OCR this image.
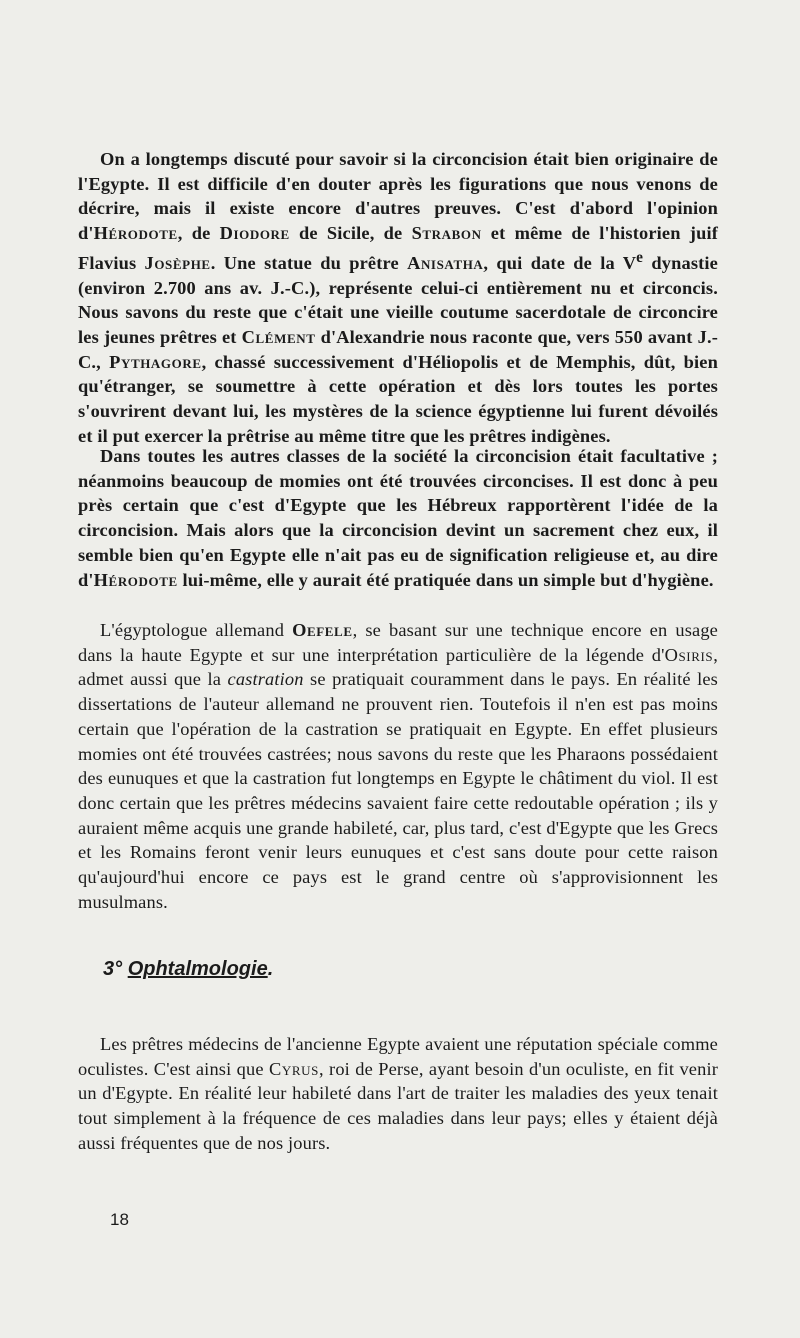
On a longtemps discuté pour savoir si la circoncision était bien originaire de l'Egypte. Il est difficile d'en douter après les figurations que nous venons de décrire, mais il existe encore d'autres preuves. C'est d'abord l'opinion d'Hérodote, de Diodore de Sicile, de Strabon et même de l'historien juif Flavius Josèphe. Une statue du prêtre Anisatha, qui date de la Ve dynastie (environ 2.700 ans av. J.-C.), représente celui-ci entièrement nu et circoncis. Nous savons du reste que c'était une vieille coutume sacerdotale de circoncire les jeunes prêtres et Clément d'Alexandrie nous raconte que, vers 550 avant J.-C., Pythagore, chassé successivement d'Héliopolis et de Memphis, dût, bien qu'étranger, se soumettre à cette opération et dès lors toutes les portes s'ouvrirent devant lui, les mystères de la science égyptienne lui furent dévoilés et il put exercer la prêtrise au même titre que les prêtres indigènes.

Dans toutes les autres classes de la société la circoncision était facultative ; néanmoins beaucoup de momies ont été trouvées circoncises. Il est donc à peu près certain que c'est d'Egypte que les Hébreux rapportèrent l'idée de la circoncision. Mais alors que la circoncision devint un sacrement chez eux, il semble bien qu'en Egypte elle n'ait pas eu de signification religieuse et, au dire d'Hérodote lui-même, elle y aurait été pratiquée dans un simple but d'hygiène.

L'égyptologue allemand Oefele, se basant sur une technique encore en usage dans la haute Egypte et sur une interprétation particulière de la légende d'Osiris, admet aussi que la castration se pratiquait couramment dans le pays. En réalité les dissertations de l'auteur allemand ne prouvent rien. Toutefois il n'en est pas moins certain que l'opération de la castration se pratiquait en Egypte. En effet plusieurs momies ont été trouvées castrées; nous savons du reste que les Pharaons possédaient des eunuques et que la castration fut longtemps en Egypte le châtiment du viol. Il est donc certain que les prêtres médecins savaient faire cette redoutable opération ; ils y auraient même acquis une grande habileté, car, plus tard, c'est d'Egypte que les Grecs et les Romains feront venir leurs eunuques et c'est sans doute pour cette raison qu'aujourd'hui encore ce pays est le grand centre où s'approvisionnent les musulmans.

3° Ophtalmologie.

Les prêtres médecins de l'ancienne Egypte avaient une réputation spéciale comme oculistes. C'est ainsi que Cyrus, roi de Perse, ayant besoin d'un oculiste, en fit venir un d'Egypte. En réalité leur habileté dans l'art de traiter les maladies des yeux tenait tout simplement à la fréquence de ces maladies dans leur pays; elles y étaient déjà aussi fréquentes que de nos jours.

18
